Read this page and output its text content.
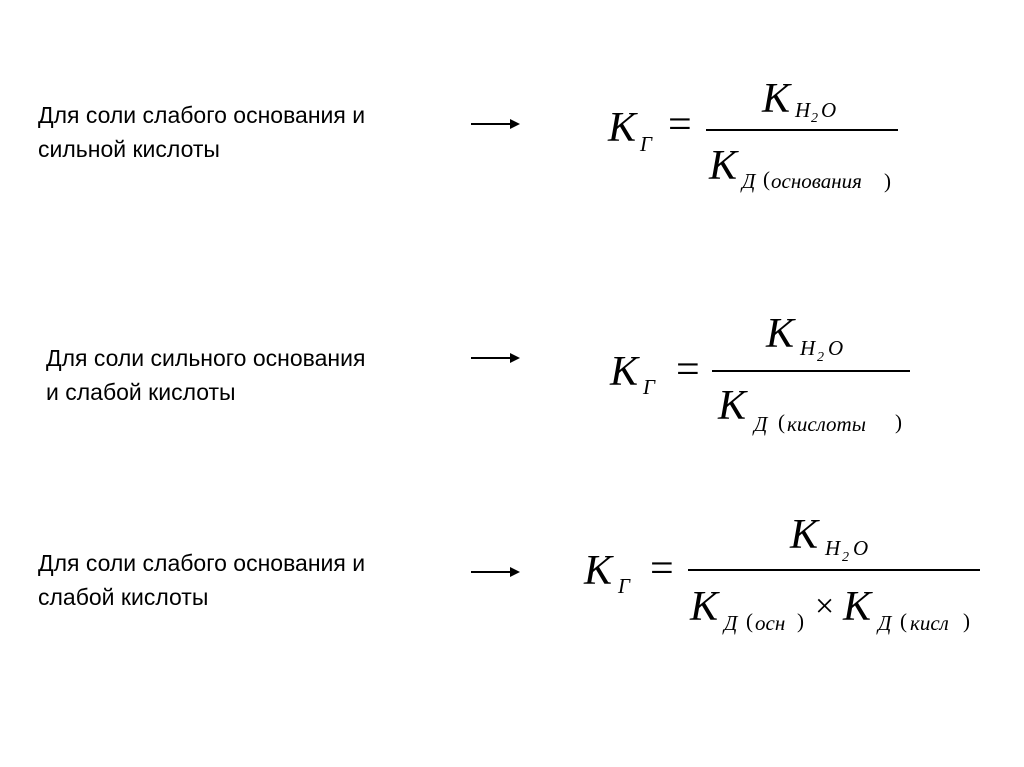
Для соли слабого основания и
сильной кислоты	K Г =
K H 2 O
K Д ( основания )
Для соли сильного основания
и слабой кислоты	K Г =
K H 2 O
K Д ( кислоты )
Для соли слабого основания и
слабой кислоты
K Г =
K H 2 O
K Д ( осн ) × K Д ( кисл )
